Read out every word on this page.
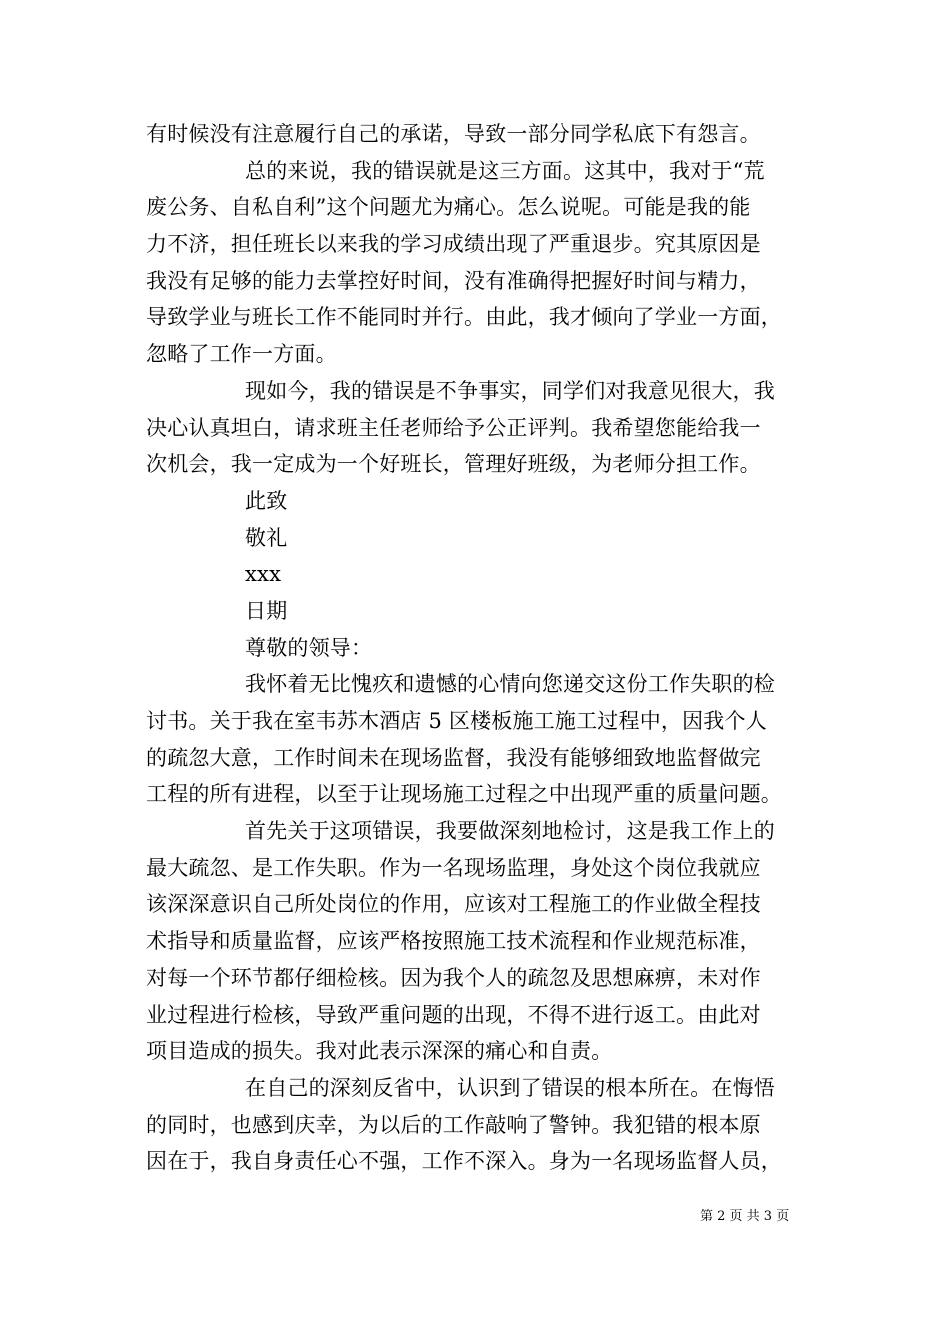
有时候没有注意履行自己的承诺，导致一部分同学私底下有怨言。
总的来说，我的错误就是这三方面。这其中，我对于“荒
废公务、自私自利”这个问题尤为痛心。怎么说呢。可能是我的能
力不济，担任班长以来我的学习成绩出现了严重退步。究其原因是
我没有足够的能力去掌控好时间，没有准确得把握好时间与精力，
导致学业与班长工作不能同时并行。由此，我才倾向了学业一方面，
忽略了工作一方面。
现如今，我的错误是不争事实，同学们对我意见很大，我
决心认真坦白，请求班主任老师给予公正评判。我希望您能给我一
次机会，我一定成为一个好班长，管理好班级，为老师分担工作。
此致
敬礼
xxx
日期
尊敬的领导：
我怀着无比愧疚和遗憾的心情向您递交这份工作失职的检
讨书。关于我在室韦苏木酒店 5 区楼板施工施工过程中，因我个人
的疏忽大意，工作时间未在现场监督，我没有能够细致地监督做完
工程的所有进程，以至于让现场施工过程之中出现严重的质量问题。
首先关于这项错误，我要做深刻地检讨，这是我工作上的
最大疏忽、是工作失职。作为一名现场监理，身处这个岗位我就应
该深深意识自己所处岗位的作用，应该对工程施工的作业做全程技
术指导和质量监督，应该严格按照施工技术流程和作业规范标准，
对每一个环节都仔细检核。因为我个人的疏忽及思想麻痹，未对作
业过程进行检核，导致严重问题的出现，不得不进行返工。由此对
项目造成的损失。我对此表示深深的痛心和自责。
在自己的深刻反省中，认识到了错误的根本所在。在悔悟
的同时，也感到庆幸，为以后的工作敲响了警钟。我犯错的根本原
因在于，我自身责任心不强，工作不深入。身为一名现场监督人员，
第 2 页 共 3 页
